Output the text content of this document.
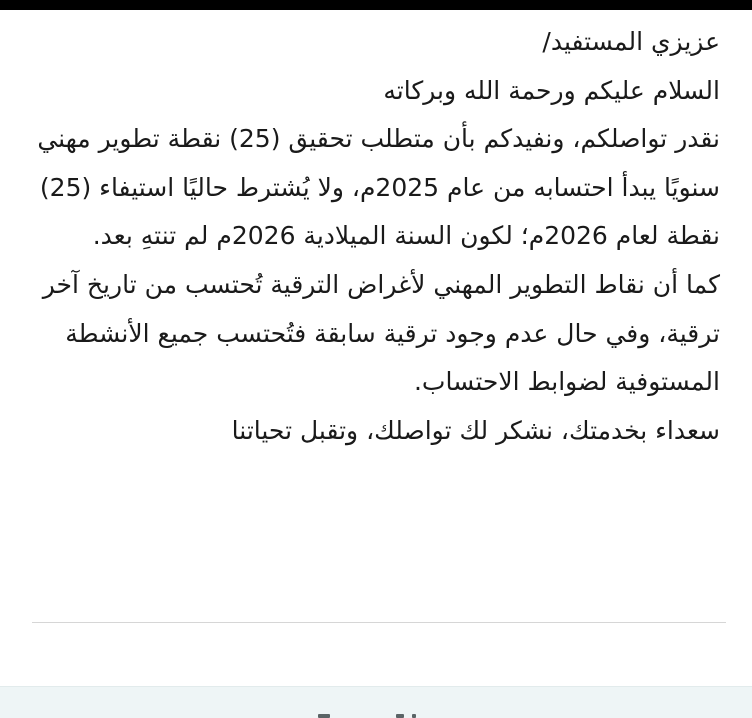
عزيزي المستفيد/

السلام عليكم ورحمة الله وبركاته

نقدر تواصلكم، ونفيدكم بأن متطلب تحقيق (25) نقطة تطوير مهني سنويًا يبدأ احتسابه من عام 2025م، ولا يُشترط حاليًا استيفاء (25) نقطة لعام 2026م؛ لكون السنة الميلادية 2026م لم تنتهِ بعد.

كما أن نقاط التطوير المهني لأغراض الترقية تُحتسب من تاريخ آخر ترقية، وفي حال عدم وجود ترقية سابقة فتُحتسب جميع الأنشطة المستوفية لضوابط الاحتساب.

سعداء بخدمتك، نشكر لك تواصلك، وتقبل تحياتنا
